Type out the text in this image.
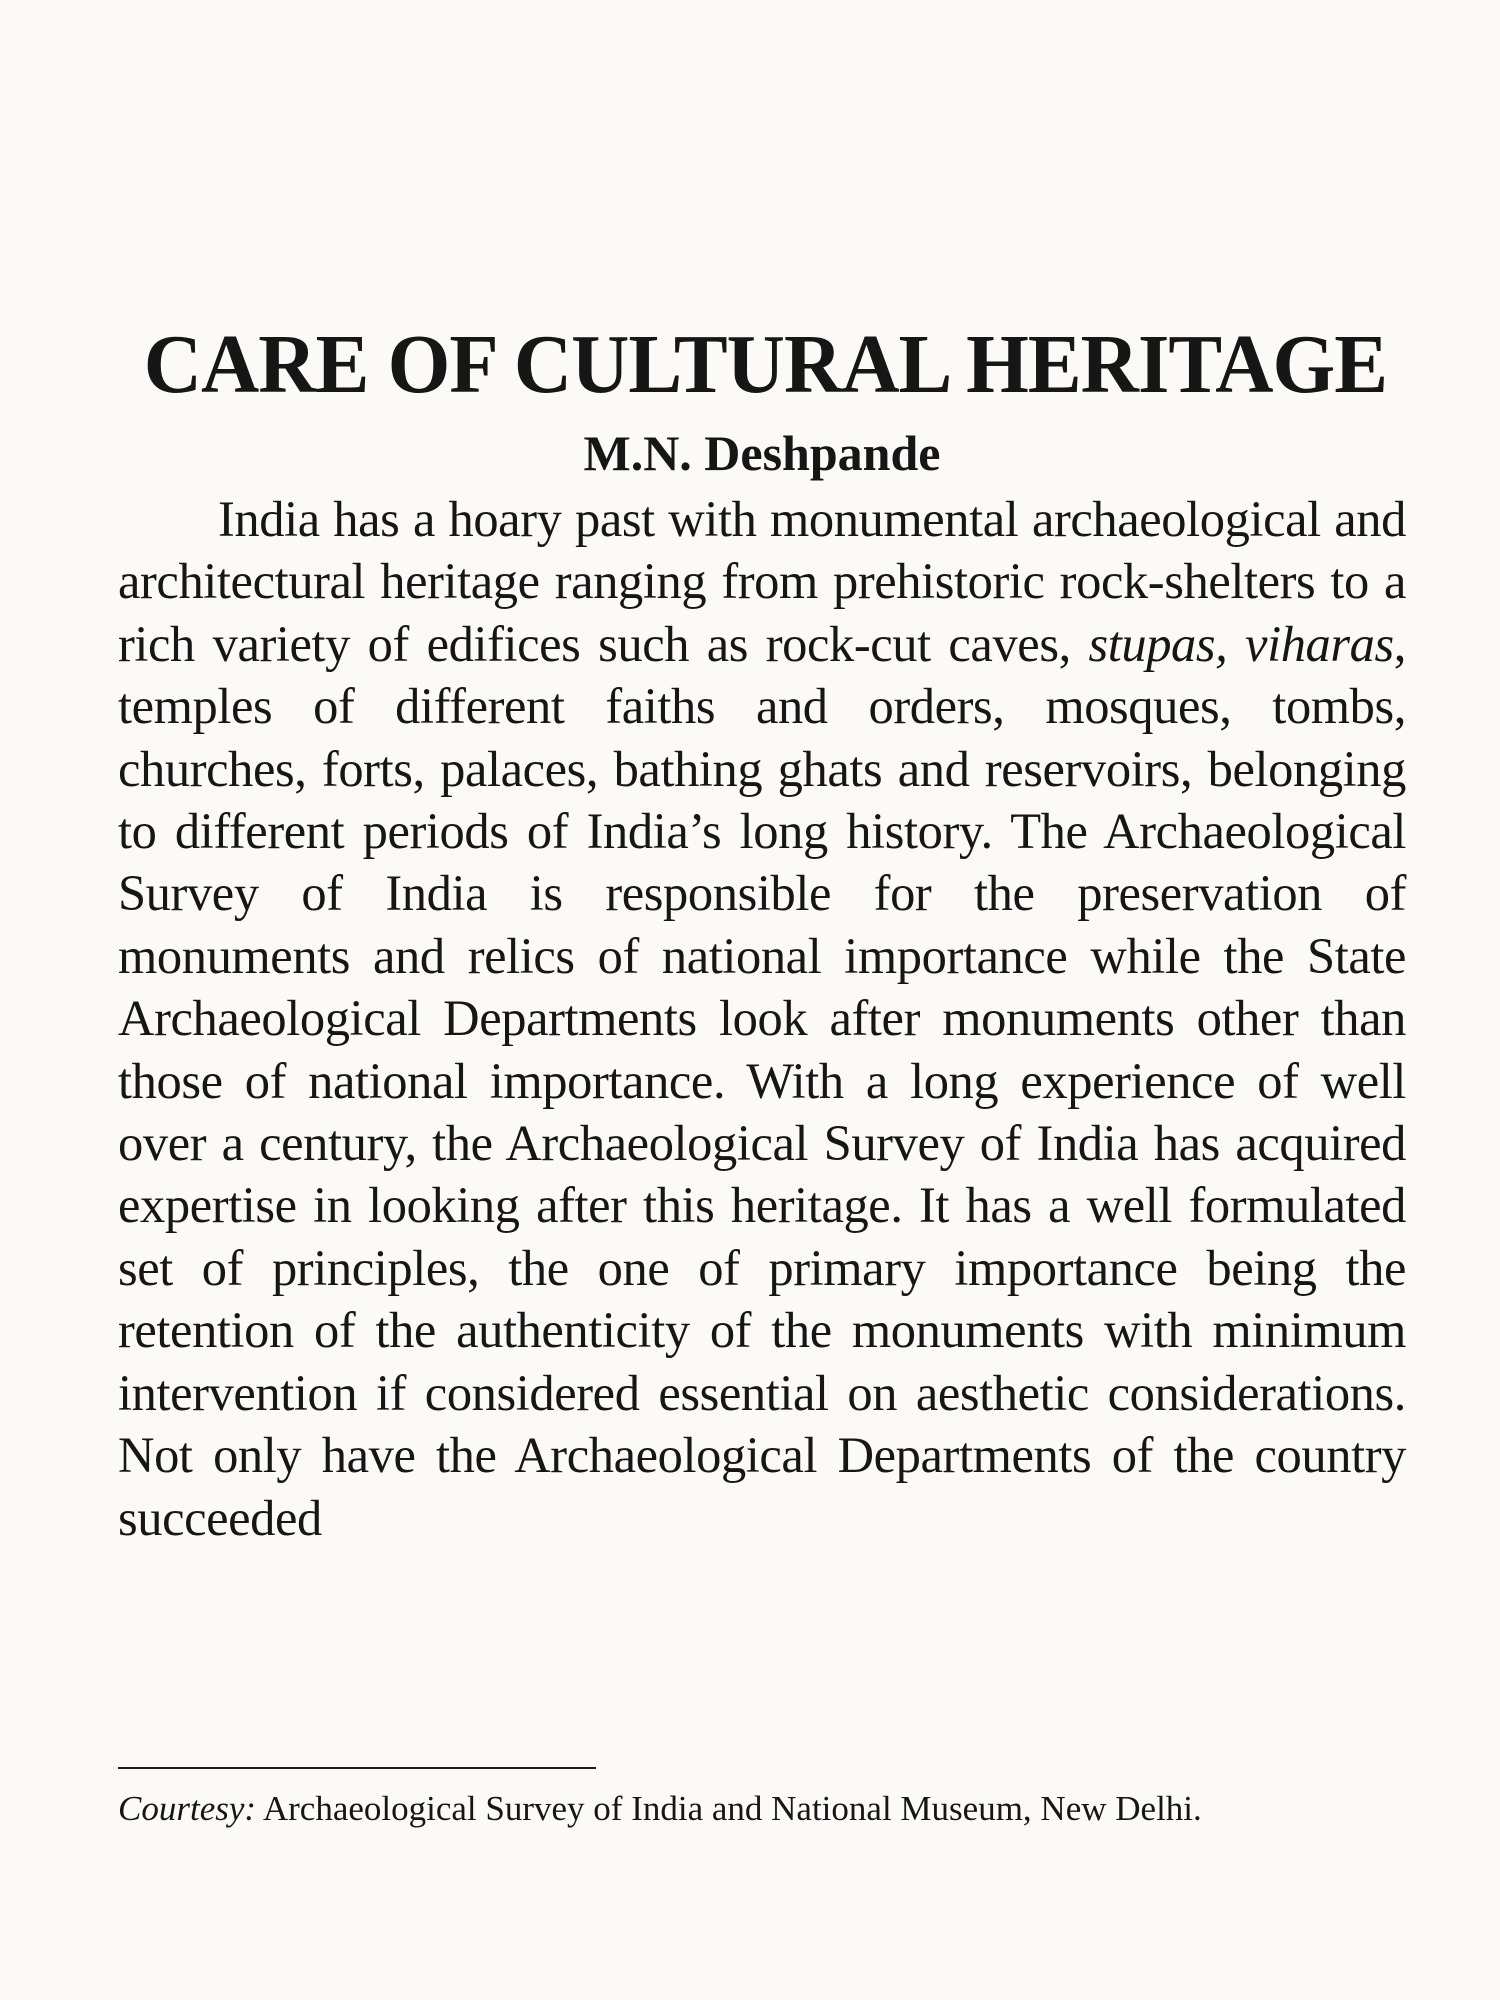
CARE OF CULTURAL HERITAGE

M.N. Deshpande

India has a hoary past with monumental archaeological and architectural heritage ranging from prehistoric rock-shelters to a rich variety of edifices such as rock-cut caves, stupas, viharas, temples of different faiths and orders, mosques, tombs, churches, forts, palaces, bathing ghats and reservoirs, belonging to different periods of India’s long history. The Archaeological Survey of India is responsible for the preservation of monuments and relics of national importance while the State Archaeological Departments look after monuments other than those of national importance. With a long experience of well over a century, the Archaeological Survey of India has acquired expertise in looking after this heritage. It has a well formulated set of principles, the one of primary importance being the retention of the authenticity of the monuments with minimum intervention if considered essential on aesthetic considerations. Not only have the Archaeological Departments of the country succeeded

Courtesy: Archaeological Survey of India and National Museum, New Delhi.
